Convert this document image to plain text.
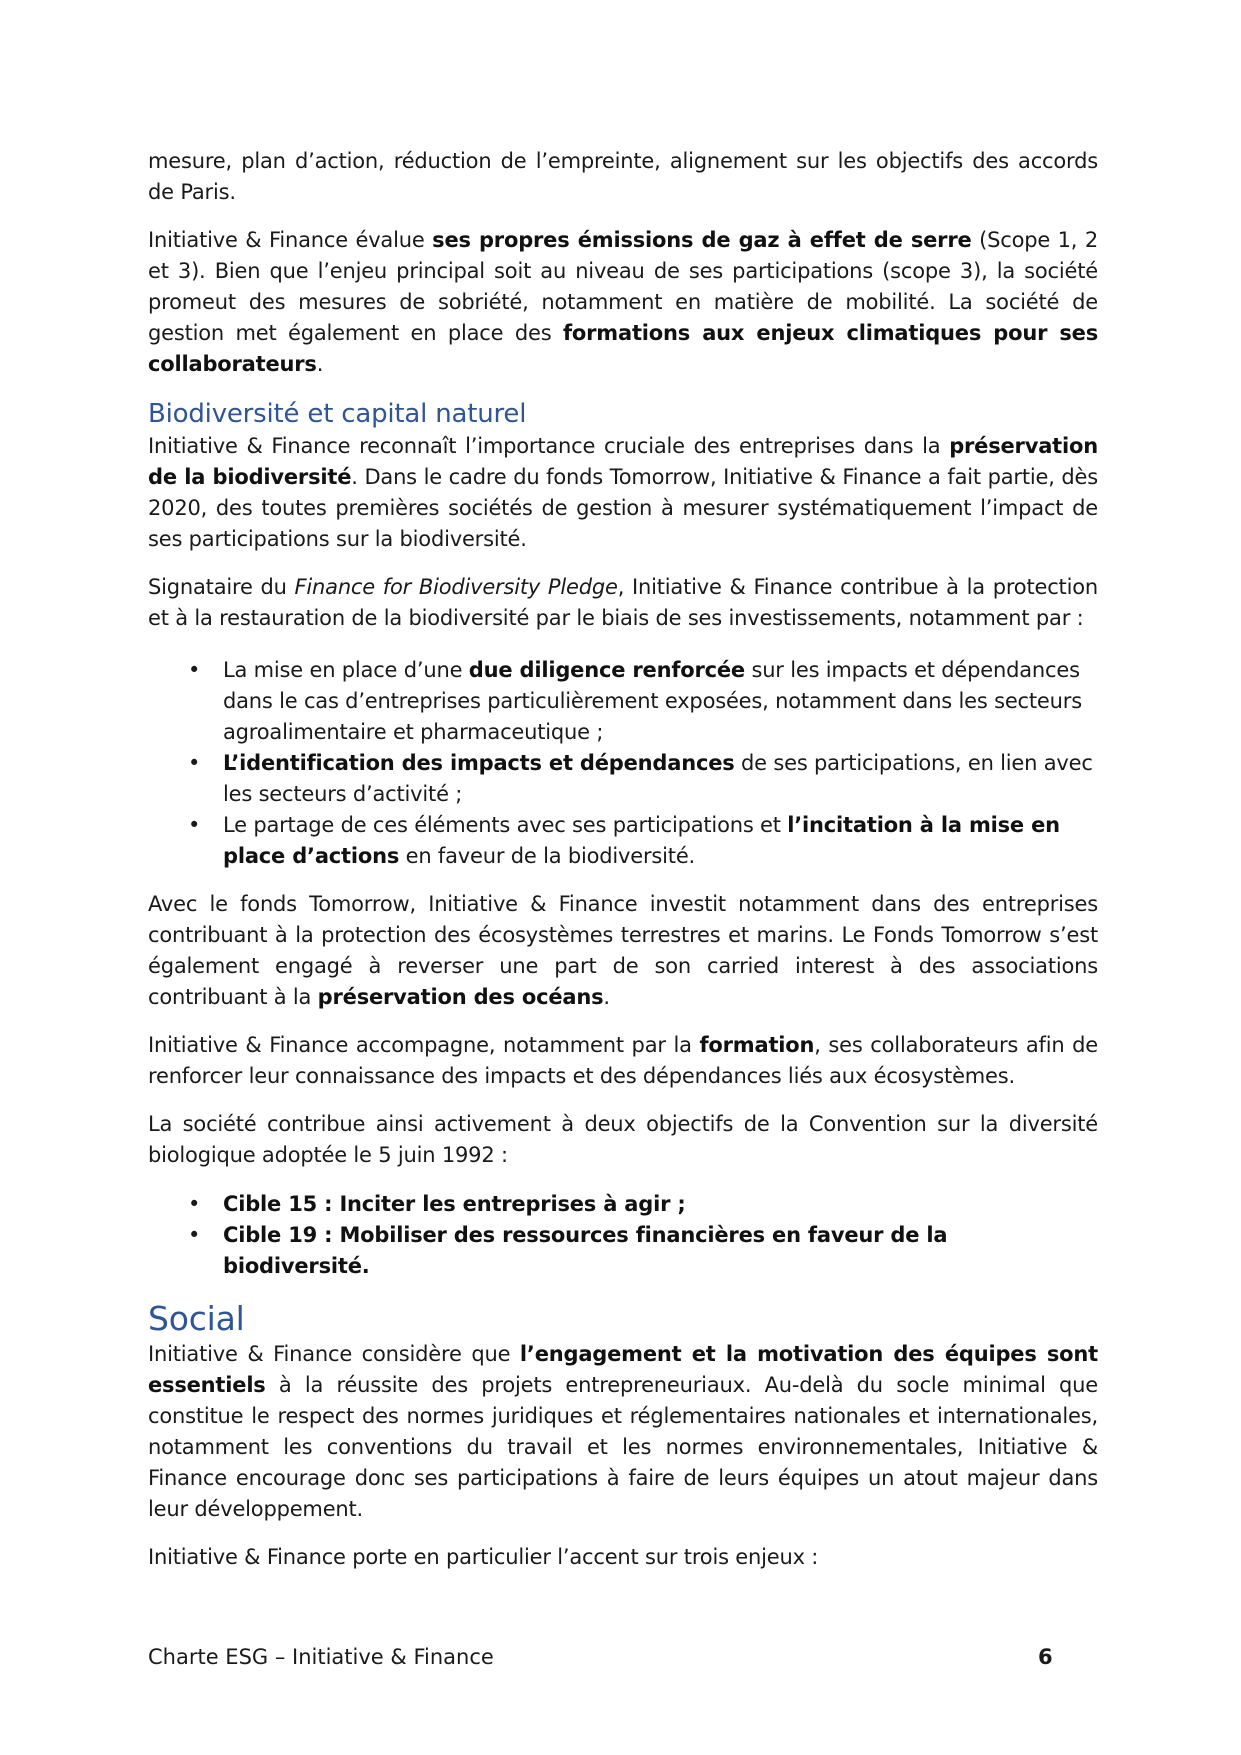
mesure, plan d’action, réduction de l’empreinte, alignement sur les objectifs des accords de Paris.

Initiative & Finance évalue ses propres émissions de gaz à effet de serre (Scope 1, 2 et 3). Bien que l’enjeu principal soit au niveau de ses participations (scope 3), la société promeut des mesures de sobriété, notamment en matière de mobilité. La société de gestion met également en place des formations aux enjeux climatiques pour ses collaborateurs.

Biodiversité et capital naturel

Initiative & Finance reconnaît l’importance cruciale des entreprises dans la préservation de la biodiversité. Dans le cadre du fonds Tomorrow, Initiative & Finance a fait partie, dès 2020, des toutes premières sociétés de gestion à mesurer systématiquement l’impact de ses participations sur la biodiversité.

Signataire du Finance for Biodiversity Pledge, Initiative & Finance contribue à la protection et à la restauration de la biodiversité par le biais de ses investissements, notamment par :

• La mise en place d’une due diligence renforcée sur les impacts et dépendances dans le cas d’entreprises particulièrement exposées, notamment dans les secteurs agroalimentaire et pharmaceutique ;
• L’identification des impacts et dépendances de ses participations, en lien avec les secteurs d’activité ;
• Le partage de ces éléments avec ses participations et l’incitation à la mise en place d’actions en faveur de la biodiversité.

Avec le fonds Tomorrow, Initiative & Finance investit notamment dans des entreprises contribuant à la protection des écosystèmes terrestres et marins. Le Fonds Tomorrow s’est également engagé à reverser une part de son carried interest à des associations contribuant à la préservation des océans.

Initiative & Finance accompagne, notamment par la formation, ses collaborateurs afin de renforcer leur connaissance des impacts et des dépendances liés aux écosystèmes.

La société contribue ainsi activement à deux objectifs de la Convention sur la diversité biologique adoptée le 5 juin 1992 :

• Cible 15 : Inciter les entreprises à agir ;
• Cible 19 : Mobiliser des ressources financières en faveur de la biodiversité.
Social

Initiative & Finance considère que l’engagement et la motivation des équipes sont essentiels à la réussite des projets entrepreneuriaux. Au-delà du socle minimal que constitue le respect des normes juridiques et réglementaires nationales et internationales, notamment les conventions du travail et les normes environnementales, Initiative & Finance encourage donc ses participations à faire de leurs équipes un atout majeur dans leur développement.

Initiative & Finance porte en particulier l’accent sur trois enjeux :

Charte ESG – Initiative & Finance	6
